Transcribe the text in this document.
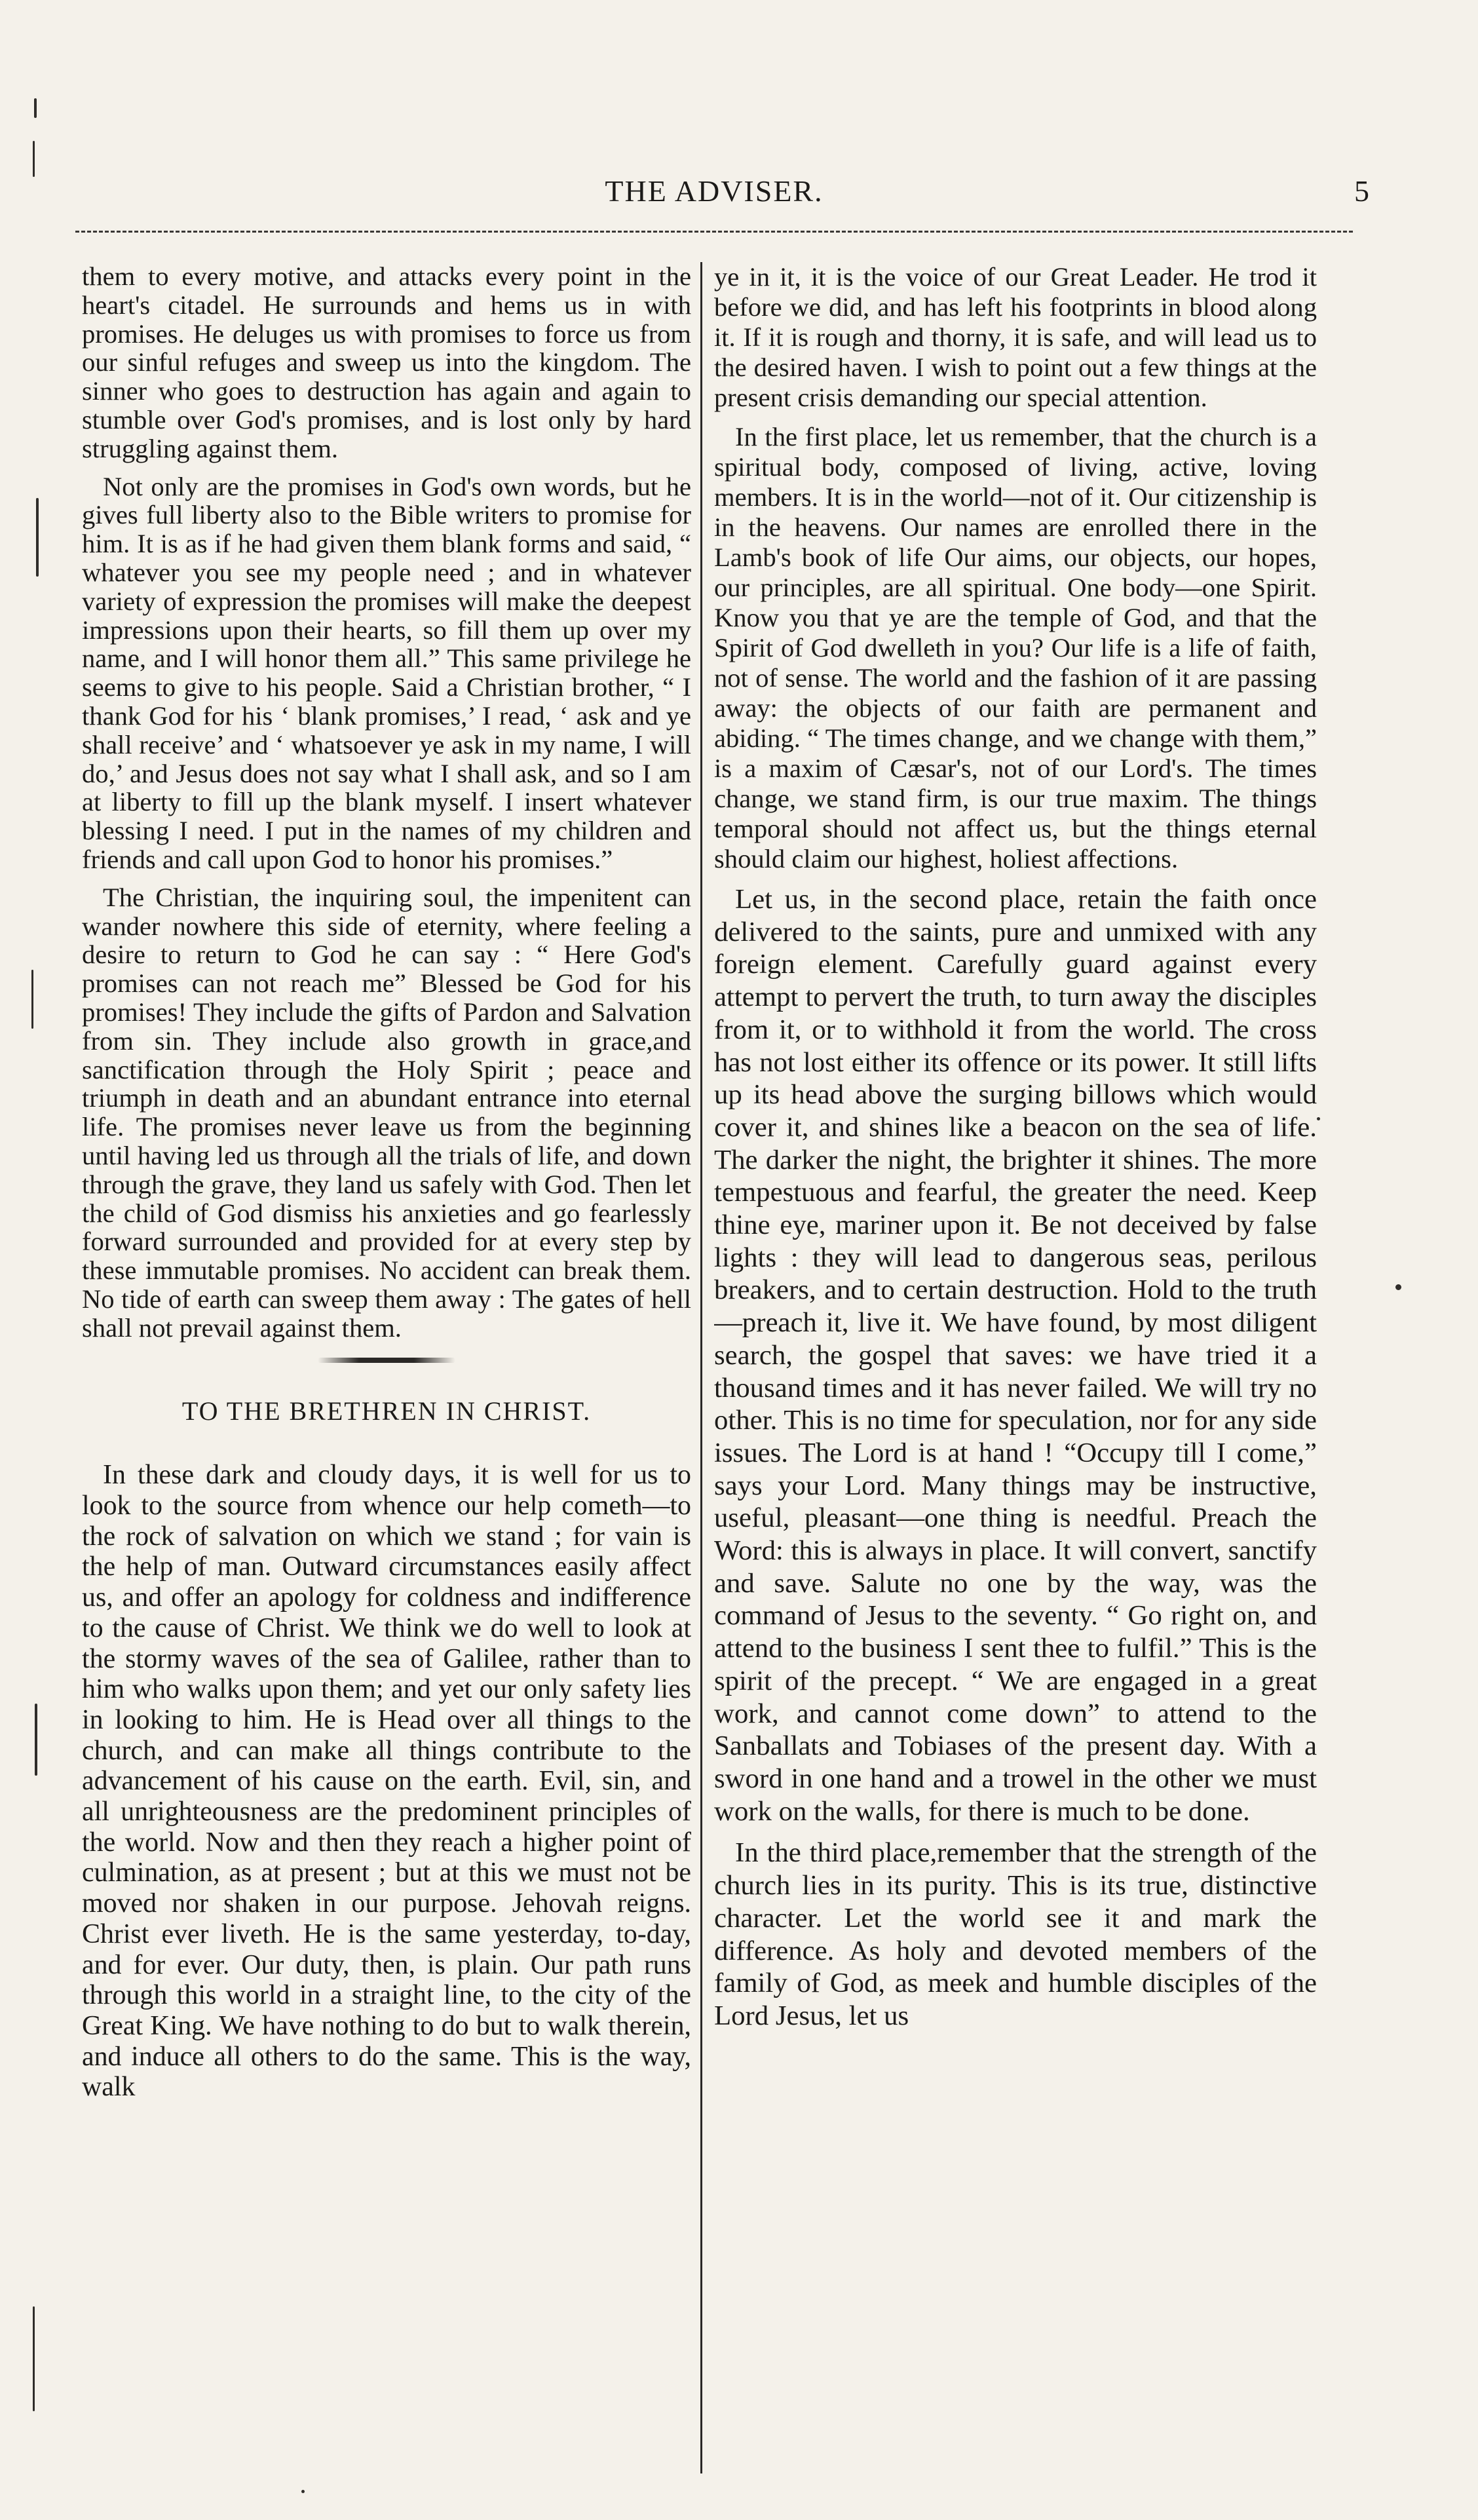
THE ADVISER.	5

them to every motive, and attacks every point in the heart's citadel. He surrounds and hems us in with promises. He deluges us with promises to force us from our sinful refuges and sweep us into the kingdom. The sinner who goes to destruction has again and again to stumble over God's promises, and is lost only by hard struggling against them.

Not only are the promises in God's own words, but he gives full liberty also to the Bible writers to promise for him. It is as if he had given them blank forms and said, “ whatever you see my people need ; and in whatever variety of expression the promises will make the deepest impressions upon their hearts, so fill them up over my name, and I will honor them all.” This same privilege he seems to give to his people. Said a Christian brother, “ I thank God for his ‘ blank promises,’ I read, ‘ ask and ye shall receive’ and ‘ whatsoever ye ask in my name, I will do,’ and Jesus does not say what I shall ask, and so I am at liberty to fill up the blank myself. I insert whatever blessing I need. I put in the names of my children and friends and call upon God to honor his promises.”

The Christian, the inquiring soul, the impenitent can wander nowhere this side of eternity, where feeling a desire to return to God he can say : “ Here God's promises can not reach me” Blessed be God for his promises! They include the gifts of Pardon and Salvation from sin. They include also growth in grace,and sanctification through the Holy Spirit ; peace and triumph in death and an abundant entrance into eternal life. The promises never leave us from the beginning until having led us through all the trials of life, and down through the grave, they land us safely with God. Then let the child of God dismiss his anxieties and go fearlessly forward surrounded and provided for at every step by these immutable promises. No accident can break them. No tide of earth can sweep them away : The gates of hell shall not prevail against them.

TO THE BRETHREN IN CHRIST.

In these dark and cloudy days, it is well for us to look to the source from whence our help cometh—to the rock of salvation on which we stand ; for vain is the help of man. Outward circumstances easily affect us, and offer an apology for coldness and indifference to the cause of Christ. We think we do well to look at the stormy waves of the sea of Galilee, rather than to him who walks upon them; and yet our only safety lies in looking to him. He is Head over all things to the church, and can make all things contribute to the advancement of his cause on the earth. Evil, sin, and all unrighteousness are the predominent principles of the world. Now and then they reach a higher point of culmination, as at present ; but at this we must not be moved nor shaken in our purpose. Jehovah reigns. Christ ever liveth. He is the same yesterday, to-day, and for ever. Our duty, then, is plain. Our path runs through this world in a straight line, to the city of the Great King. We have nothing to do but to walk therein, and induce all others to do the same. This is the way, walk

ye in it, it is the voice of our Great Leader. He trod it before we did, and has left his footprints in blood along it. If it is rough and thorny, it is safe, and will lead us to the desired haven. I wish to point out a few things at the present crisis demanding our special attention.

In the first place, let us remember, that the church is a spiritual body, composed of living, active, loving members. It is in the world—not of it. Our citizenship is in the heavens. Our names are enrolled there in the Lamb's book of life Our aims, our objects, our hopes, our principles, are all spiritual. One body—one Spirit. Know you that ye are the temple of God, and that the Spirit of God dwelleth in you? Our life is a life of faith, not of sense. The world and the fashion of it are passing away: the objects of our faith are permanent and abiding. “ The times change, and we change with them,” is a maxim of Cæsar's, not of our Lord's. The times change, we stand firm, is our true maxim. The things temporal should not affect us, but the things eternal should claim our highest, holiest affections.

Let us, in the second place, retain the faith once delivered to the saints, pure and unmixed with any foreign element. Carefully guard against every attempt to pervert the truth, to turn away the disciples from it, or to withhold it from the world. The cross has not lost either its offence or its power. It still lifts up its head above the surging billows which would cover it, and shines like a beacon on the sea of life. The darker the night, the brighter it shines. The more tempestuous and fearful, the greater the need. Keep thine eye, mariner upon it. Be not deceived by false lights : they will lead to dangerous seas, perilous breakers, and to certain destruction. Hold to the truth—preach it, live it. We have found, by most diligent search, the gospel that saves: we have tried it a thousand times and it has never failed. We will try no other. This is no time for speculation, nor for any side issues. The Lord is at hand ! “Occupy till I come,” says your Lord. Many things may be instructive, useful, pleasant—one thing is needful. Preach the Word: this is always in place. It will convert, sanctify and save. Salute no one by the way, was the command of Jesus to the seventy. “ Go right on, and attend to the business I sent thee to fulfil.” This is the spirit of the precept. “ We are engaged in a great work, and cannot come down” to attend to the Sanballats and Tobiases of the present day. With a sword in one hand and a trowel in the other we must work on the walls, for there is much to be done.

In the third place,remember that the strength of the church lies in its purity. This is its true, distinctive character. Let the world see it and mark the difference. As holy and devoted members of the family of God, as meek and humble disciples of the Lord Jesus, let us
